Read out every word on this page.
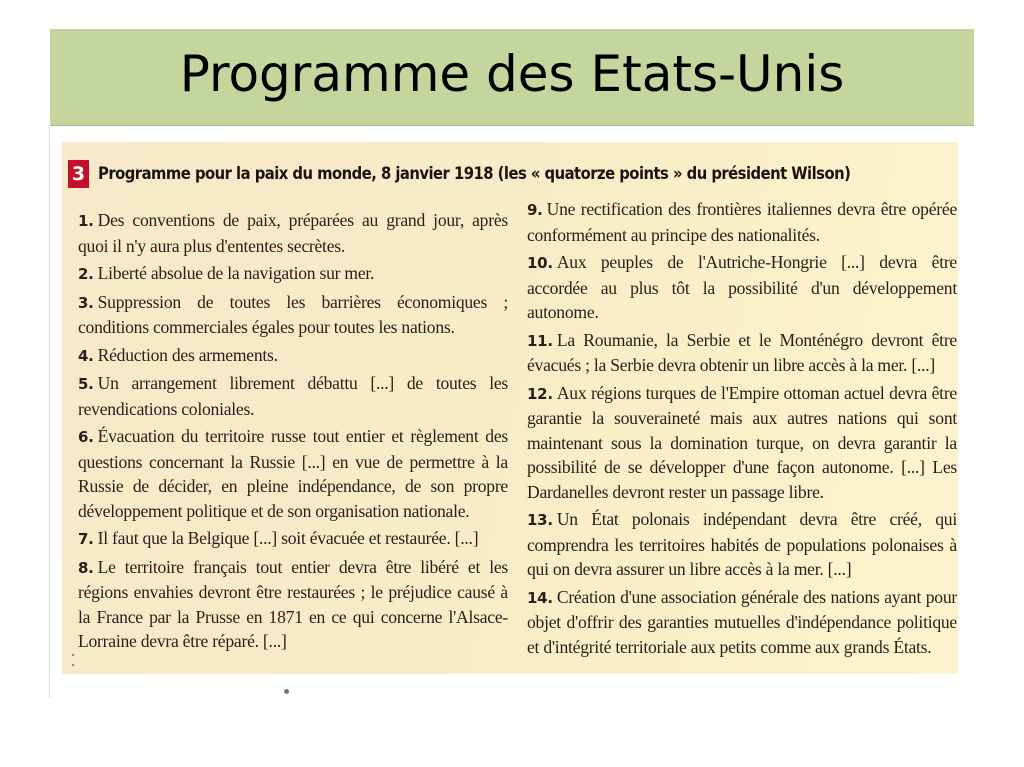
Programme des Etats-Unis
3 Programme pour la paix du monde, 8 janvier 1918 (les « quatorze points » du président Wilson)

1. Des conventions de paix, préparées au grand jour, après quoi il n'y aura plus d'ententes secrètes.

2. Liberté absolue de la navigation sur mer.

3. Suppression de toutes les barrières économiques ; conditions commerciales égales pour toutes les nations.

4. Réduction des armements.

5. Un arrangement librement débattu [...] de toutes les revendications coloniales.

6. Évacuation du territoire russe tout entier et règlement des questions concernant la Russie [...] en vue de permettre à la Russie de décider, en pleine indépendance, de son propre développement politique et de son organisation nationale.

7. Il faut que la Belgique [...] soit évacuée et restaurée. [...]

8. Le territoire français tout entier devra être libéré et les régions envahies devront être restaurées ; le préjudice causé à la France par la Prusse en 1871 en ce qui concerne l'Alsace-Lorraine devra être réparé. [...]

9. Une rectification des frontières italiennes devra être opérée conformément au principe des nationalités.

10. Aux peuples de l'Autriche-Hongrie [...] devra être accordée au plus tôt la possibilité d'un développement autonome.

11. La Roumanie, la Serbie et le Monténégro devront être évacués ; la Serbie devra obtenir un libre accès à la mer. [...]

12. Aux régions turques de l'Empire ottoman actuel devra être garantie la souveraineté mais aux autres nations qui sont maintenant sous la domination turque, on devra garantir la possibilité de se développer d'une façon autonome. [...] Les Dardanelles devront rester un passage libre.

13. Un État polonais indépendant devra être créé, qui comprendra les territoires habités de populations polonaises à qui on devra assurer un libre accès à la mer. [...]

14. Création d'une association générale des nations ayant pour objet d'offrir des garanties mutuelles d'indépendance politique et d'intégrité territoriale aux petits comme aux grands États.
